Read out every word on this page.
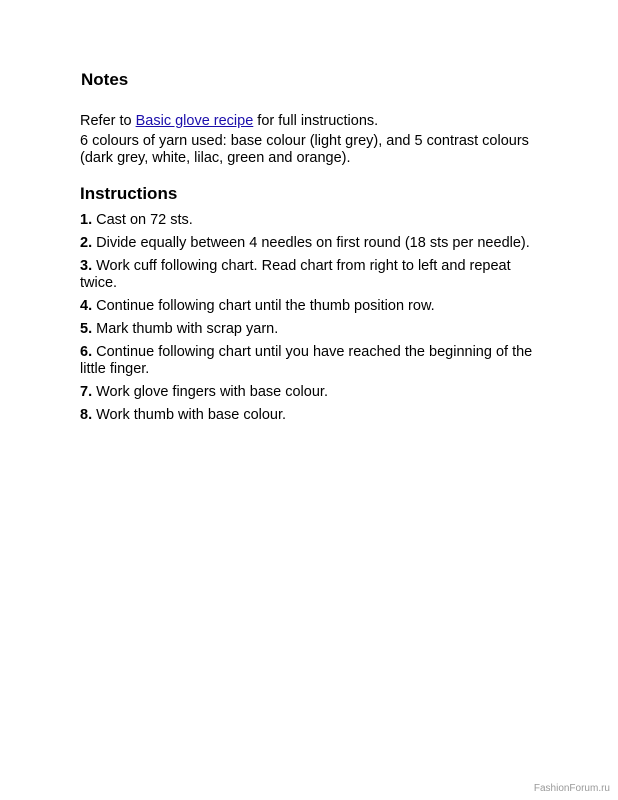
Notes

Refer to Basic glove recipe for full instructions.

6 colours of yarn used: base colour (light grey), and 5 contrast colours (dark grey, white, lilac, green and orange).

Instructions
1. Cast on 72 sts.
2. Divide equally between 4 needles on first round (18 sts per needle).
3. Work cuff following chart. Read chart from right to left and repeat twice.
4. Continue following chart until the thumb position row.
5. Mark thumb with scrap yarn.
6. Continue following chart until you have reached the beginning of the little finger.
7. Work glove fingers with base colour.
8. Work thumb with base colour.
FashionForum.ru
